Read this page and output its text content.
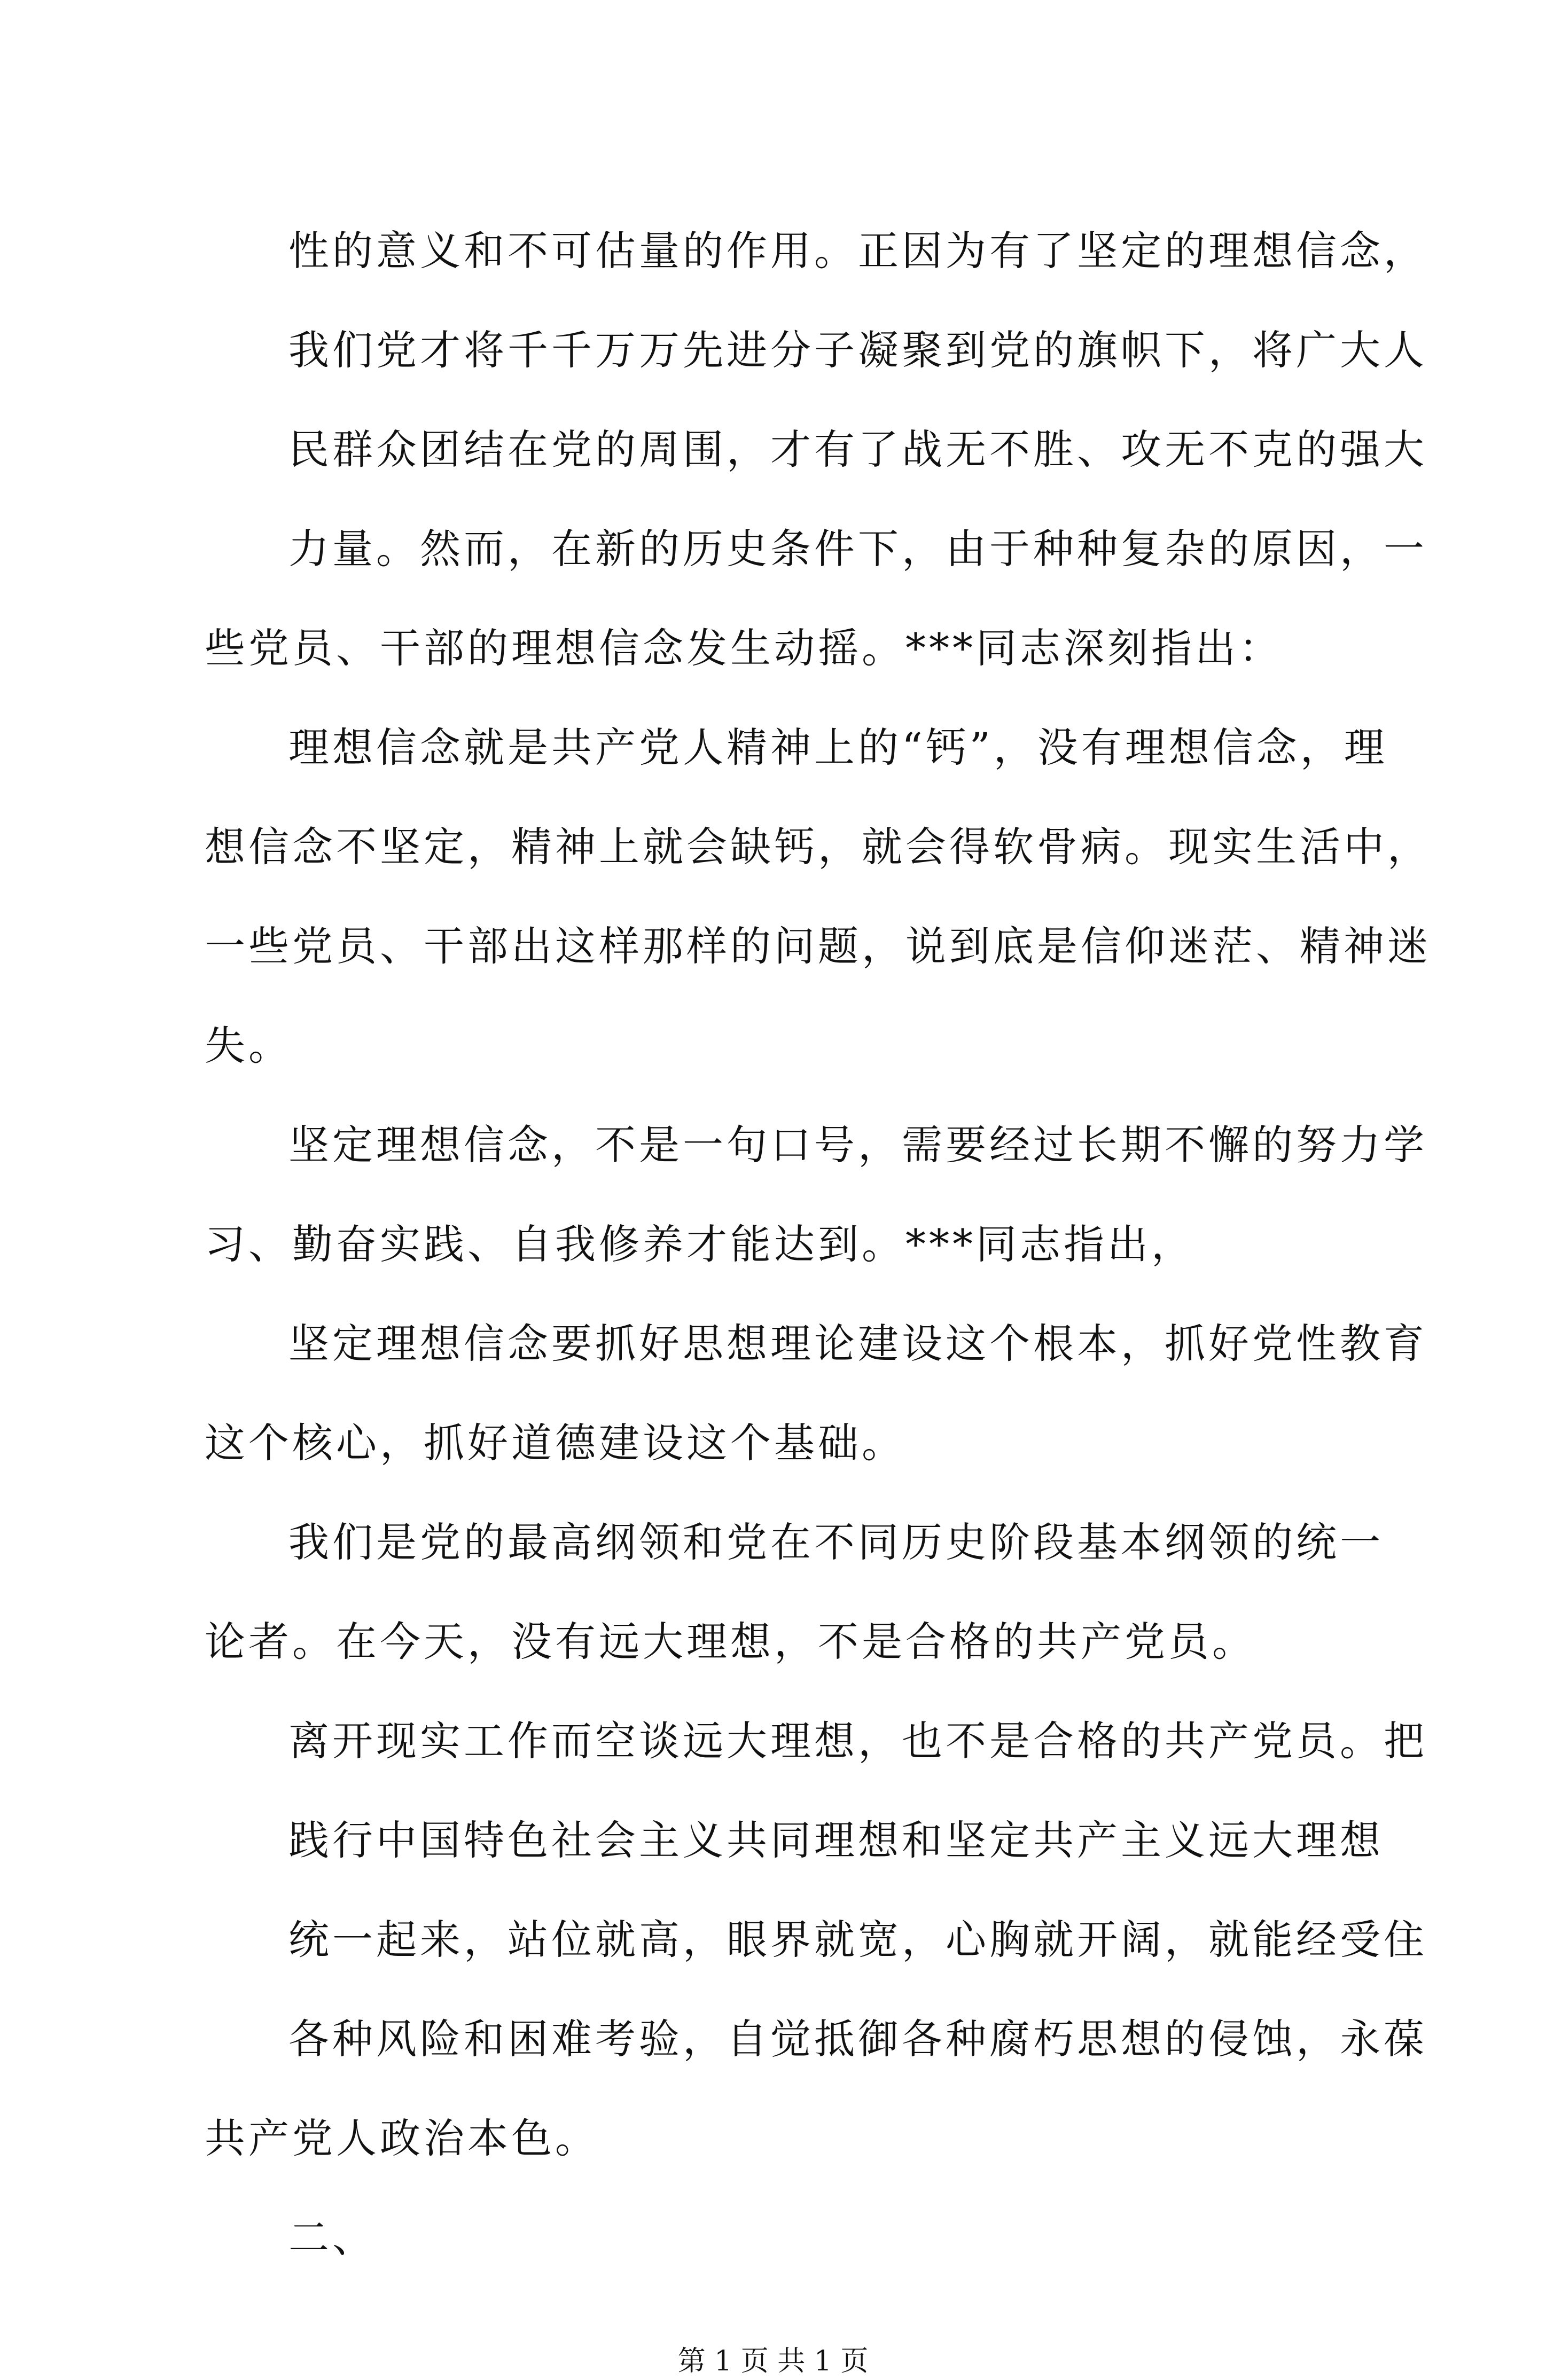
性的意义和不可估量的作用。正因为有了坚定的理想信念，
我们党才将千千万万先进分子凝聚到党的旗帜下，将广大人
民群众团结在党的周围，才有了战无不胜、攻无不克的强大
力量。然而，在新的历史条件下，由于种种复杂的原因，一
些党员、干部的理想信念发生动摇。***同志深刻指出：
理想信念就是共产党人精神上的“钙”，没有理想信念，理
想信念不坚定，精神上就会缺钙，就会得软骨病。现实生活中，
一些党员、干部出这样那样的问题，说到底是信仰迷茫、精神迷
失。
坚定理想信念，不是一句口号，需要经过长期不懈的努力学
习、勤奋实践、自我修养才能达到。***同志指出，
坚定理想信念要抓好思想理论建设这个根本，抓好党性教育
这个核心，抓好道德建设这个基础。
我们是党的最高纲领和党在不同历史阶段基本纲领的统一
论者。在今天，没有远大理想，不是合格的共产党员。
离开现实工作而空谈远大理想，也不是合格的共产党员。把
践行中国特色社会主义共同理想和坚定共产主义远大理想
统一起来，站位就高，眼界就宽，心胸就开阔，就能经受住
各种风险和困难考验，自觉抵御各种腐朽思想的侵蚀，永葆
共产党人政治本色。
二、
第 1 页 共 1 页
